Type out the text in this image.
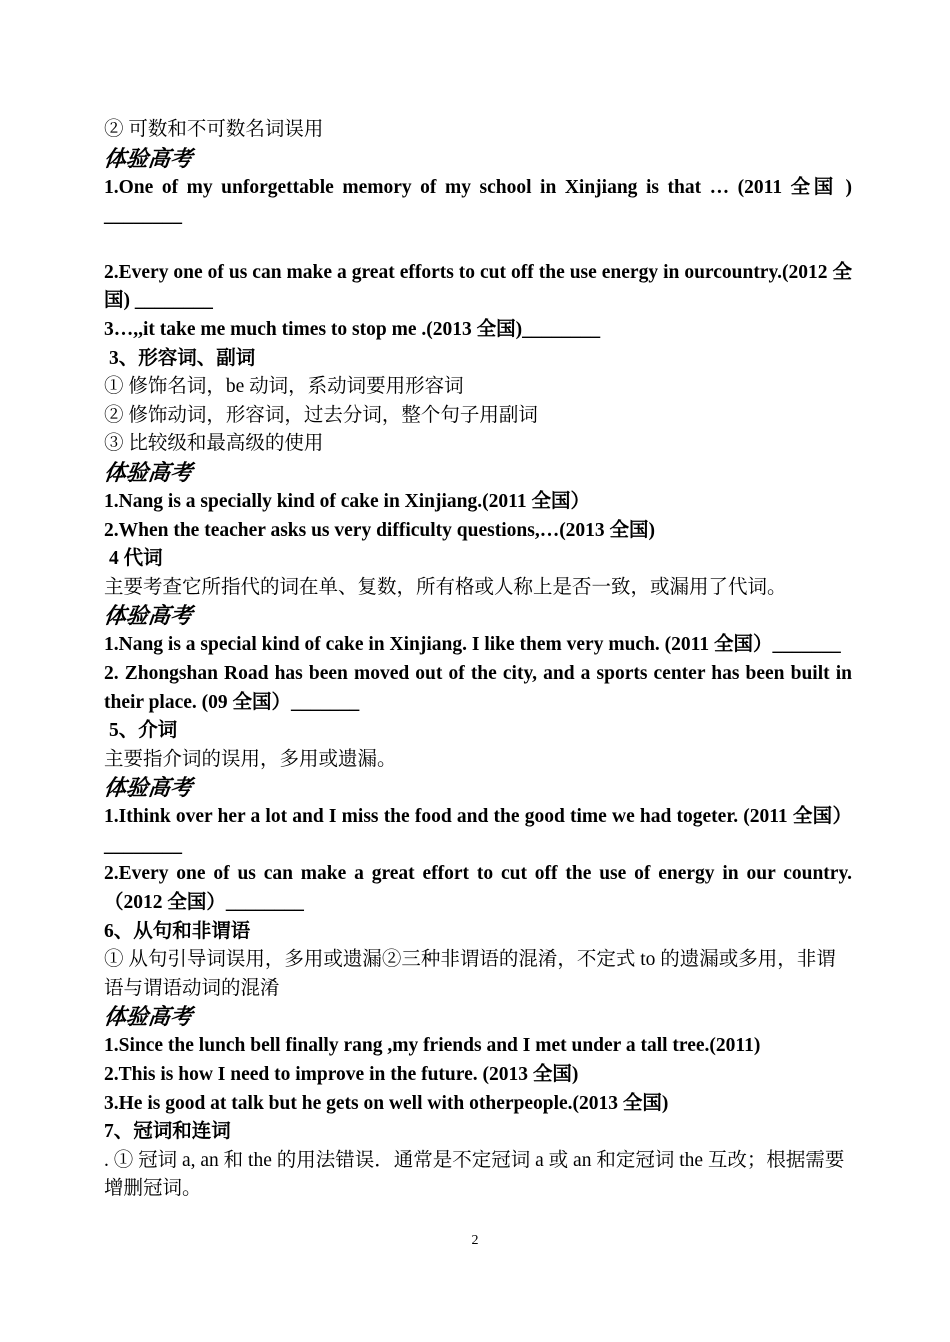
② 可数和不可数名词误用

体验高考

1.One of my unforgettable memory of my school in Xinjiang is that … (2011 全国 ) ________

2.Every one of us can make a great efforts to cut off the use energy in ourcountry.(2012 全国) ________

3…,,it take me much times to stop me .(2013 全国)________

3、形容词、副词

① 修饰名词，be 动词，系动词要用形容词

② 修饰动词，形容词，过去分词，整个句子用副词

③ 比较级和最高级的使用

体验高考

1.Nang is a specially kind of cake in Xinjiang.(2011 全国）

2.When the teacher asks us very difficulty questions,…(2013 全国)

4 代词

主要考查它所指代的词在单、复数，所有格或人称上是否一致，或漏用了代词。

体验高考

1.Nang is a special kind of cake in Xinjiang. I like them very much. (2011 全国）_______

2. Zhongshan Road has been moved out of the city, and a sports center has been built in their place. (09 全国）_______

5、介词

主要指介词的误用，多用或遗漏。

体验高考

1.Ithink over her a lot and I miss the food and the good time we had togeter. (2011 全国） ________

2.Every one of us can make a great effort to cut off the use of energy in our country.（2012 全国）________

6、从句和非谓语

① 从句引导词误用，多用或遗漏②三种非谓语的混淆，不定式 to 的遗漏或多用，非谓语与谓语动词的混淆

体验高考

1.Since the lunch bell finally rang ,my friends and I met under a tall tree.(2011)

2.This is how I need to improve in the future. (2013 全国)

3.He is good at talk but he gets on well with otherpeople.(2013 全国)

7、冠词和连词

. ① 冠词 a, an 和 the 的用法错误．通常是不定冠词 a 或 an 和定冠词 the 互改；根据需要增删冠词。

2
